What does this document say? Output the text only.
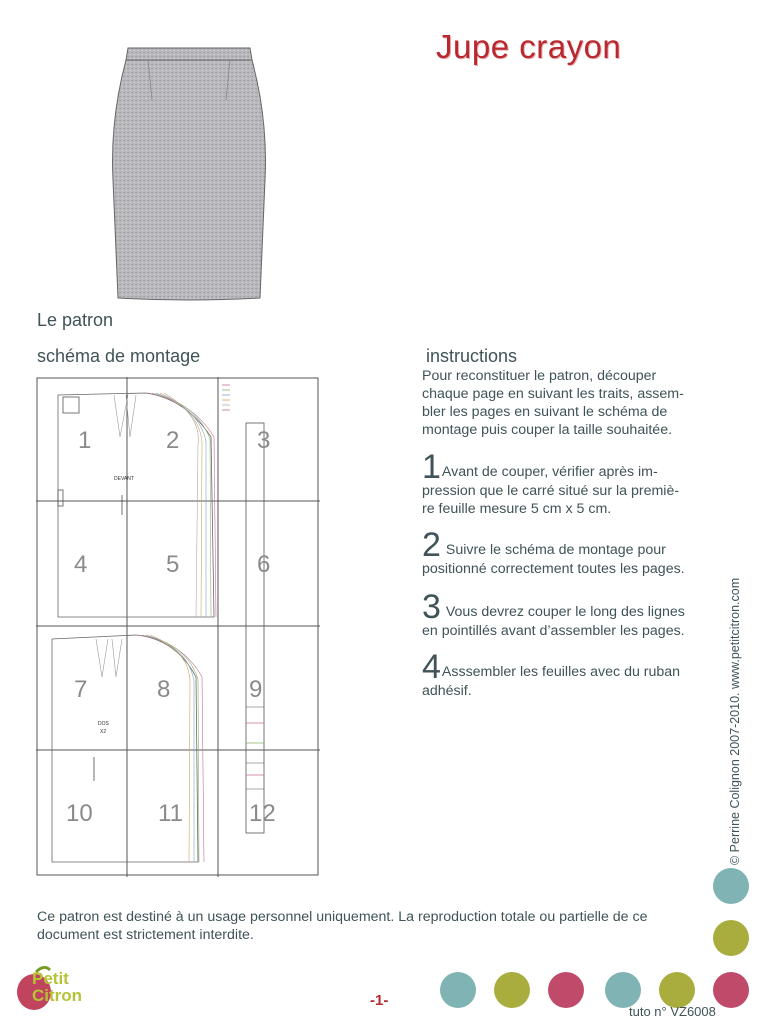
Jupe crayon
Le patron
schéma de montage	instructions
DEVANT
DOS
X2
1	2	3
4	5	6
7	8	9
10	11	12
Pour reconstituer le patron, découper
chaque page en suivant les traits, assem-
bler les pages en suivant le schéma de
montage puis couper la taille souhaitée.
1Avant de couper, vérifier après im-
pression que le carré situé sur la premiè-
re feuille mesure 5 cm x 5 cm.
2 Suivre le schéma de montage pour
positionné correctement toutes les pages.
3 Vous devrez couper le long des lignes
en pointillés avant d’assembler les pages.
4Asssembler les feuilles avec du ruban
adhésif.	© Perrine Colignon 2007-2010. www.petitcitron.com
Ce patron est destiné à un usage personnel uniquement. La reproduction totale ou partielle de ce
document est strictement interdite.
Petit
Citron	-1-
tuto n° VZ6008
